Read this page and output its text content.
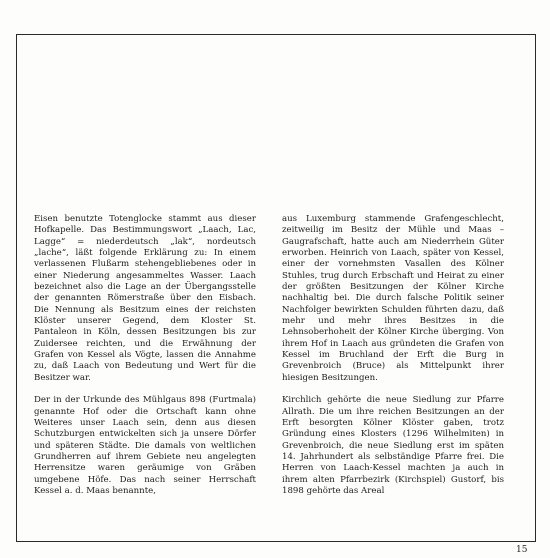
Eisen benutzte Totenglocke stammt aus dieser Hofkapelle. Das Bestimmungswort „Laach, Lac, Lagge“ = niederdeutsch „lak“, nordeutsch „lache“, läßt folgende Erklärung zu: In einem verlassenen Flußarm stehengebliebenes oder in einer Niederung angesammeltes Wasser. Laach bezeichnet also die Lage an der Übergangsstelle der genannten Römerstraße über den Eisbach. Die Nennung als Besitzum eines der reichsten Klöster unserer Gegend, dem Kloster St. Pantaleon in Köln, dessen Besitzungen bis zur Zuidersee reichten, und die Erwähnung der Grafen von Kessel als Vögte, lassen die Annahme zu, daß Laach von Bedeutung und Wert für die Besitzer war.

Der in der Urkunde des Mühlgaus 898 (Furtmala) genannte Hof oder die Ortschaft kann ohne Weiteres unser Laach sein, denn aus diesen Schutzburgen entwickelten sich ja unsere Dörfer und späteren Städte. Die damals von weltlichen Grundherren auf ihrem Gebiete neu angelegten Herrensitze waren geräumige von Gräben umgebene Höfe. Das nach seiner Herrschaft Kessel a. d. Maas benannte,

aus Luxemburg stammende Grafengeschlecht, zeitweilig im Besitz der Mühle und Maas – Gaugrafschaft, hatte auch am Niederrhein Güter erworben. Heinrich von Laach, später von Kessel, einer der vornehmsten Vasallen des Kölner Stuhles, trug durch Erbschaft und Heirat zu einer der größten Besitzungen der Kölner Kirche nachhaltig bei. Die durch falsche Politik seiner Nachfolger bewirkten Schulden führten dazu, daß mehr und mehr ihres Besitzes in die Lehnsoberhoheit der Kölner Kirche überging. Von ihrem Hof in Laach aus gründeten die Grafen von Kessel im Bruchland der Erft die Burg in Grevenbroich (Bruce) als Mittelpunkt ihrer hiesigen Besitzungen.

Kirchlich gehörte die neue Siedlung zur Pfarre Allrath. Die um ihre reichen Besitzungen an der Erft besorgten Kölner Klöster gaben, trotz Gründung eines Klosters (1296 Wilhelmiten) in Grevenbroich, die neue Siedlung erst im späten 14. Jahrhundert als selbständige Pfarre frei. Die Herren von Laach-Kessel machten ja auch in ihrem alten Pfarrbezirk (Kirchspiel) Gustorf, bis 1898 gehörte das Areal

15
